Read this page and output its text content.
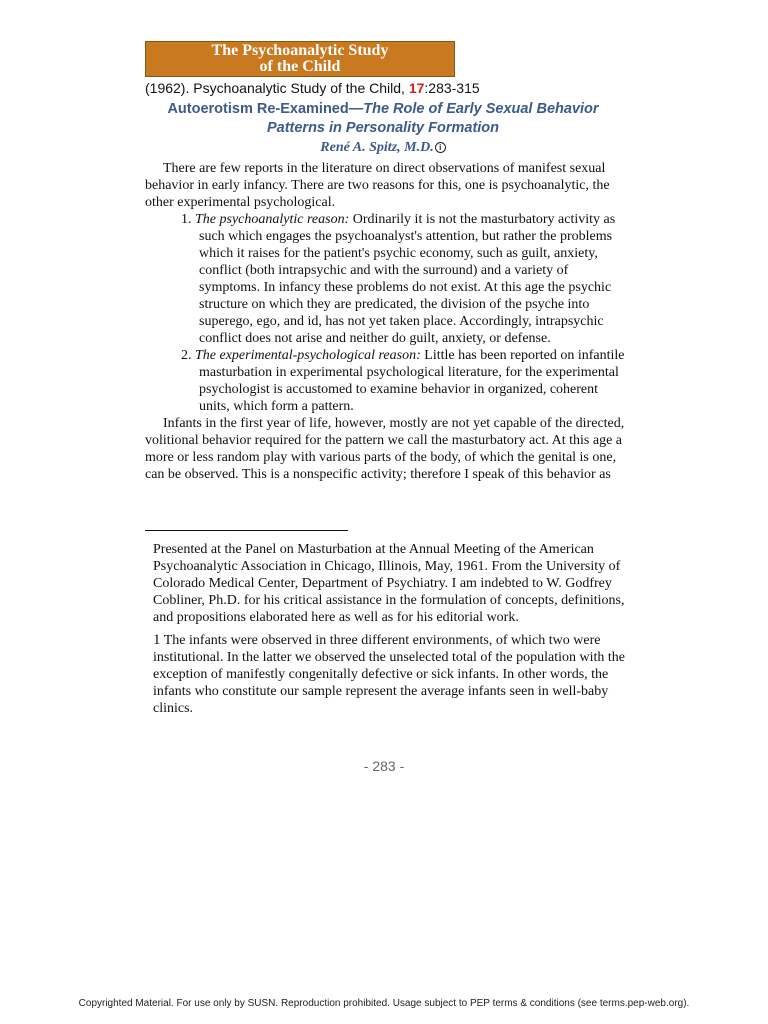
The Psychoanalytic Study
of the Child
(1962). Psychoanalytic Study of the Child, 17:283-315
Autoerotism Re-Examined—The Role of Early Sexual Behavior Patterns in Personality Formation
René A. Spitz, M.D. i

There are few reports in the literature on direct observations of manifest sexual behavior in early infancy. There are two reasons for this, one is psychoanalytic, the other experimental psychological.

1. The psychoanalytic reason: Ordinarily it is not the masturbatory activity as such which engages the psychoanalyst's attention, but rather the problems which it raises for the patient's psychic economy, such as guilt, anxiety, conflict (both intrapsychic and with the surround) and a variety of symptoms. In infancy these problems do not exist. At this age the psychic structure on which they are predicated, the division of the psyche into superego, ego, and id, has not yet taken place. Accordingly, intrapsychic conflict does not arise and neither do guilt, anxiety, or defense.

2. The experimental-psychological reason: Little has been reported on infantile masturbation in experimental psychological literature, for the experimental psychologist is accustomed to examine behavior in organized, coherent units, which form a pattern.

Infants in the first year of life, however, mostly are not yet capable of the directed, volitional behavior required for the pattern we call the masturbatory act. At this age a more or less random play with various parts of the body, of which the genital is one, can be observed. This is a nonspecific activity; therefore I speak of this behavior as

Presented at the Panel on Masturbation at the Annual Meeting of the American Psychoanalytic Association in Chicago, Illinois, May, 1961. From the University of Colorado Medical Center, Department of Psychiatry. I am indebted to W. Godfrey Cobliner, Ph.D. for his critical assistance in the formulation of concepts, definitions, and propositions elaborated here as well as for his editorial work.

1 The infants were observed in three different environments, of which two were institutional. In the latter we observed the unselected total of the population with the exception of manifestly congenitally defective or sick infants. In other words, the infants who constitute our sample represent the average infants seen in well-baby clinics.

- 283 -
Copyrighted Material. For use only by SUSN. Reproduction prohibited. Usage subject to PEP terms & conditions (see terms.pep-web.org).
